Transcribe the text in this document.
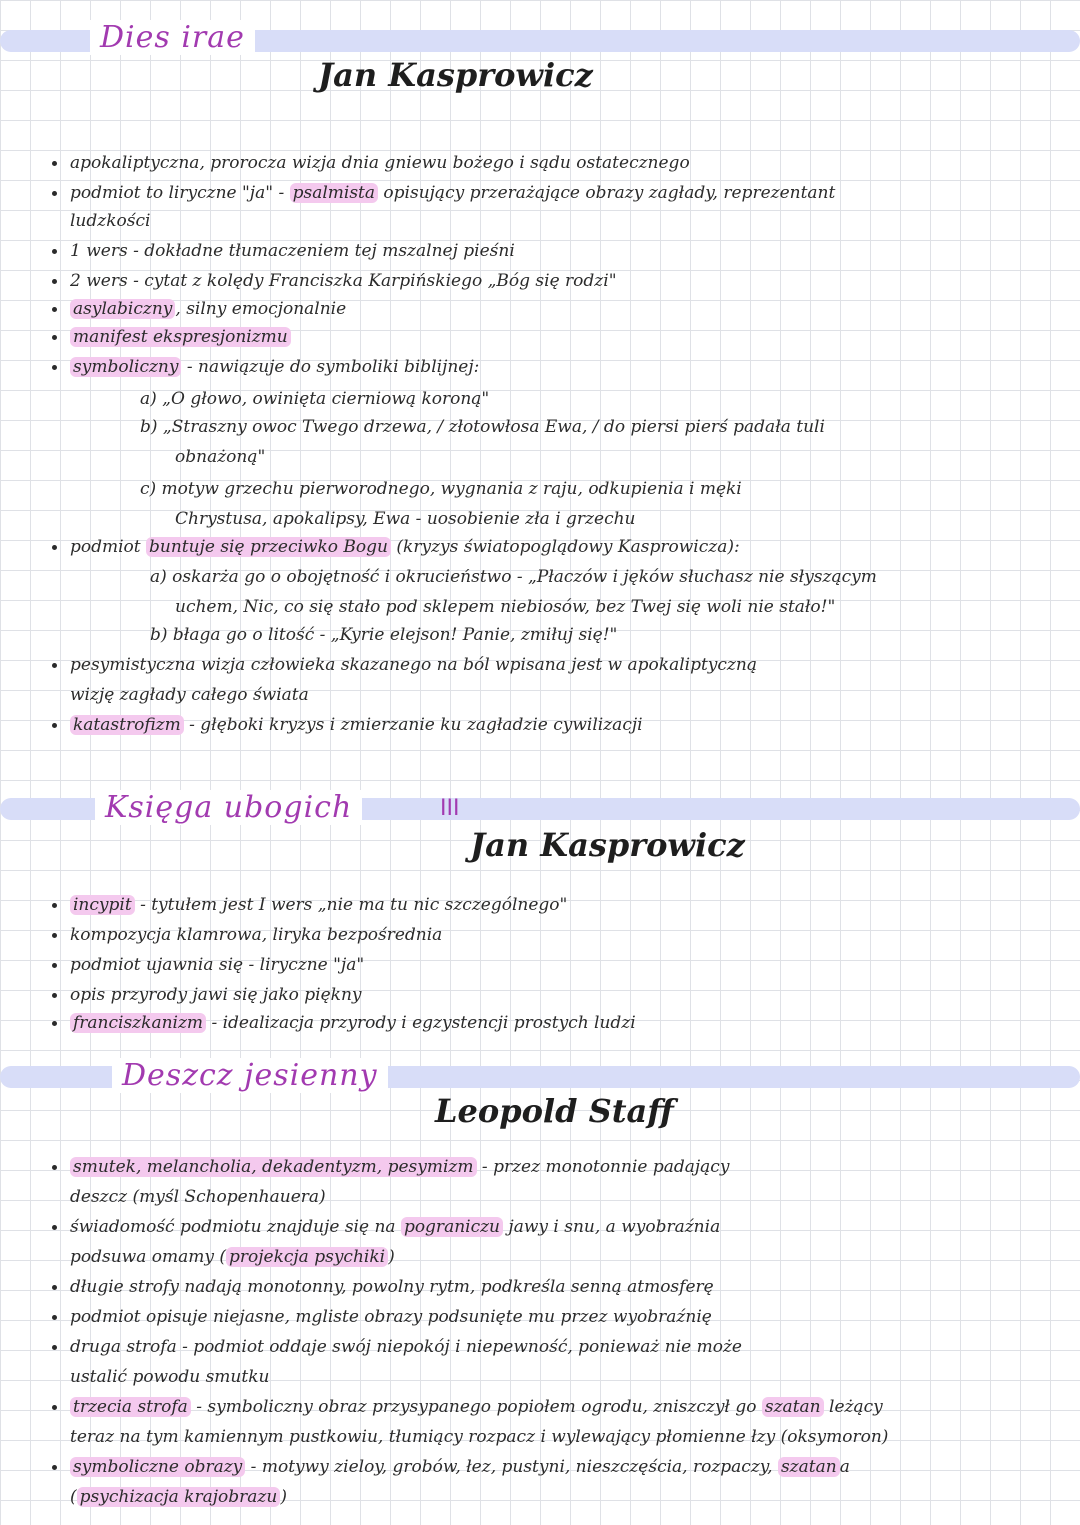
Dies irae
Jan Kasprowicz
apokaliptyczna, prorocza wizja dnia gniewu bożego i sądu ostatecznego
podmiot to liryczne "ja" - psalmista opisujący przerażające obrazy zagłady, reprezentant
ludzkości
1 wers - dokładne tłumaczeniem tej mszalnej pieśni
2 wers - cytat z kolędy Franciszka Karpińskiego „Bóg się rodzi"
asylabiczny , silny emocjonalnie
manifest ekspresjonizmu
symboliczny - nawiązuje do symboliki biblijnej:
a) „O głowo, owinięta cierniową koroną"
b) „Straszny owoc Twego drzewa, / złotowłosa Ewa, / do piersi pierś padała tuli
obnażoną"
c) motyw grzechu pierworodnego, wygnania z raju, odkupienia i męki
Chrystusa, apokalipsy, Ewa - uosobienie zła i grzechu
podmiot buntuje się przeciwko Bogu (kryzys światopoglądowy Kasprowicza):
a) oskarża go o obojętność i okrucieństwo - „Płaczów i jęków słuchasz nie słyszącym
uchem, Nic, co się stało pod sklepem niebiosów, bez Twej się woli nie stało!"
b) błaga go o litość - „Kyrie elejson! Panie, zmiłuj się!"
pesymistyczna wizja człowieka skazanego na ból wpisana jest w apokaliptyczną
wizję zagłady całego świata
katastrofizm - głęboki kryzys i zmierzanie ku zagładzie cywilizacji
Księga ubogich	III
Jan Kasprowicz
incypit - tytułem jest I wers „nie ma tu nic szczególnego"
kompozycja klamrowa, liryka bezpośrednia
podmiot ujawnia się - liryczne "ja"
opis przyrody jawi się jako piękny
franciszkanizm - idealizacja przyrody i egzystencji prostych ludzi
Deszcz jesienny
Leopold Staff
smutek, melancholia, dekadentyzm, pesymizm - przez monotonnie padający
deszcz (myśl Schopenhauera)
świadomość podmiotu znajduje się na pograniczu jawy i snu, a wyobraźnia
podsuwa omamy ( projekcja psychiki )
długie strofy nadają monotonny, powolny rytm, podkreśla senną atmosferę
podmiot opisuje niejasne, mgliste obrazy podsunięte mu przez wyobraźnię
druga strofa - podmiot oddaje swój niepokój i niepewność, ponieważ nie może
ustalić powodu smutku
trzecia strofa - symboliczny obraz przysypanego popiołem ogrodu, zniszczył go szatan leżący
teraz na tym kamiennym pustkowiu, tłumiący rozpacz i wylewający płomienne łzy (oksymoron)
symboliczne obrazy - motywy zieloy, grobów, łez, pustyni, nieszczęścia, rozpaczy, szatan a
( psychizacja krajobrazu )
